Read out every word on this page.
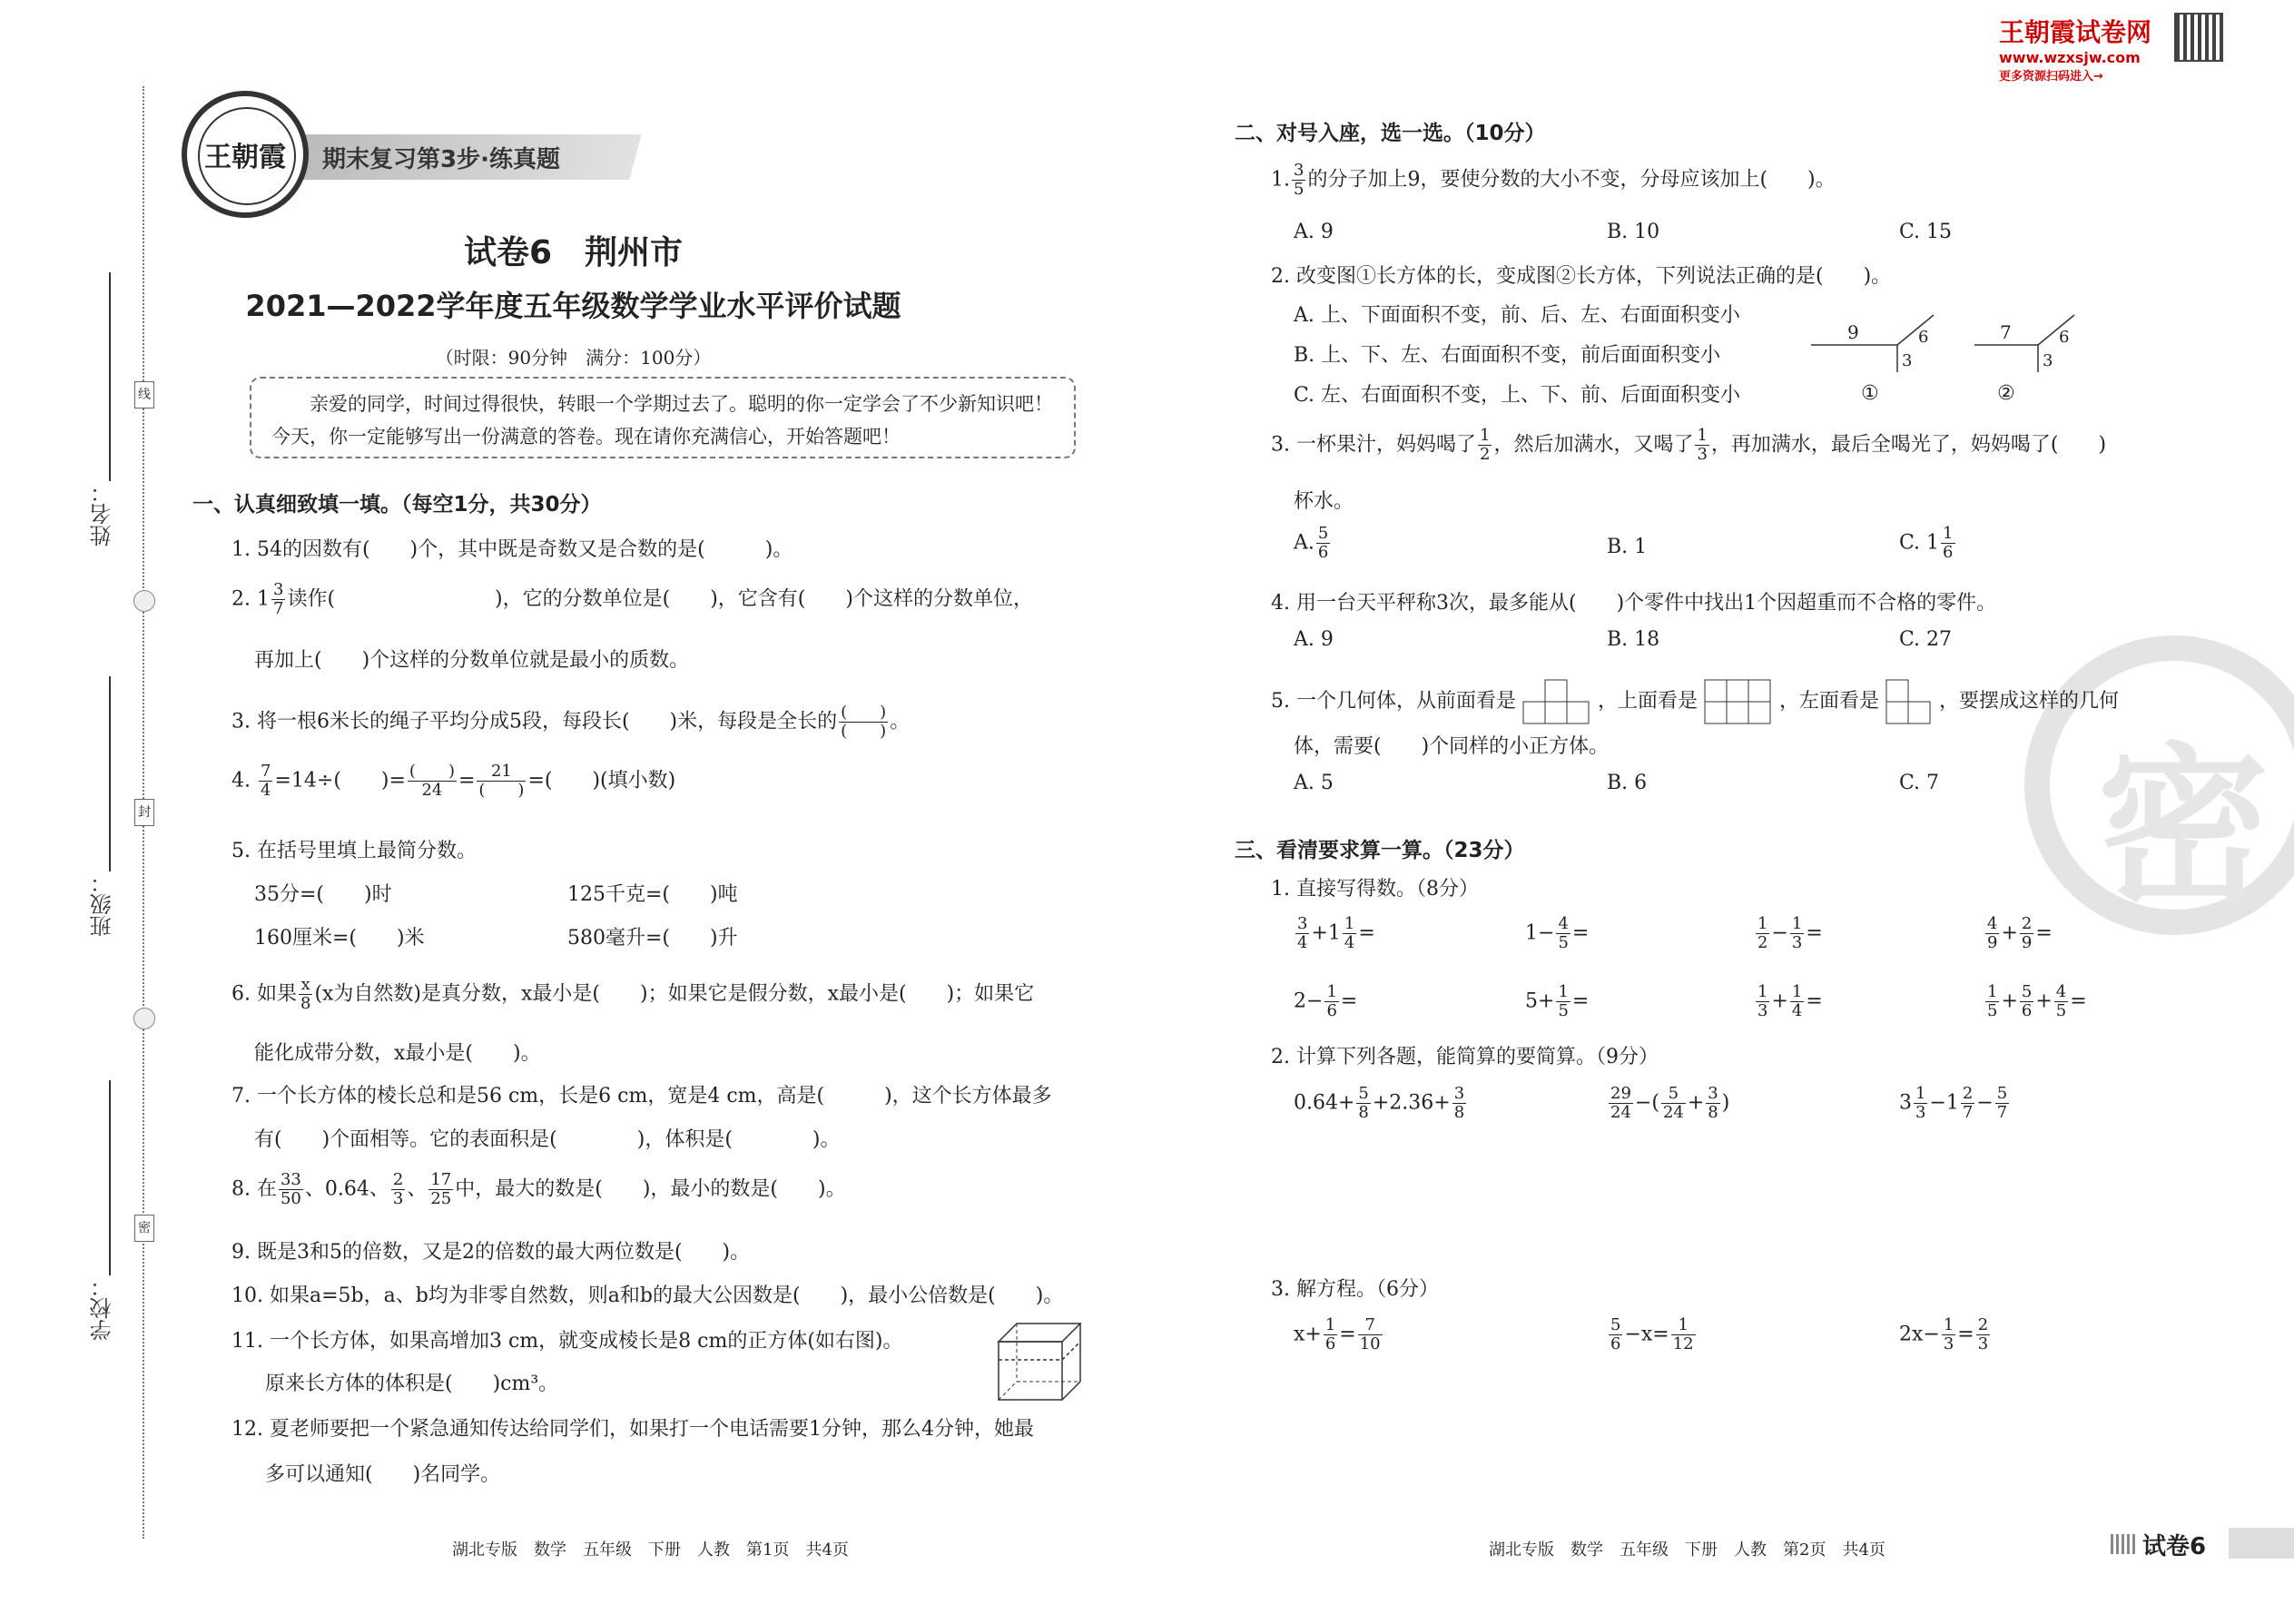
姓名：
班级：
学校：
线
封
密
期末复习第3步·练真题
王朝霞
试卷6　荆州市
2021—2022学年度五年级数学学业水平评价试题
（时限：90分钟　满分：100分）
亲爱的同学，时间过得很快，转眼一个学期过去了。聪明的你一定学会了不少新知识吧！今天，你一定能够写出一份满意的答卷。现在请你充满信心，开始答题吧！
一、认真细致填一填。（每空1分，共30分）
1. 54的因数有(　　)个，其中既是奇数又是合数的是(　　　)。
2. $1 \frac{3}{7}$ 读作(　　　　　　　　)，它的分数单位是(　　)，它含有(　　)个这样的分数单位，
再加上(　　)个这样的分数单位就是最小的质数。
3. 将一根6米长的绳子平均分成5段，每段长(　　)米，每段是全长的 $\frac{( )}{( )}$ 。
4. $\frac{7}{4} =14\div$(　　)= $\frac{( )}{24} = \frac{21}{( )}$ =(　　)(填小数)
5. 在括号里填上最简分数。
35分=(　　)时	125千克=(　　)吨
160厘米=(　　)米	580毫升=(　　)升
6. 如果 $\frac{x}{8} (x$为自然数)是真分数，x最小是(　　)；如果它是假分数，x最小是(　　)；如果它
能化成带分数，x最小是(　　)。
7. 一个长方体的棱长总和是56 cm，长是6 cm，宽是4 cm，高是(　　　)，这个长方体最多
有(　　)个面相等。它的表面积是(　　　　)，体积是(　　　　)。
8. 在 $\frac{33}{50}$ 、0.64、 $\frac{2}{3}$ 、 $\frac{17}{25}$ 中，最大的数是(　　)，最小的数是(　　)。
9. 既是3和5的倍数，又是2的倍数的最大两位数是(　　)。
10. 如果a=5b，a、b均为非零自然数，则a和b的最大公因数是(　　)，最小公倍数是(　　)。
11. 一个长方体，如果高增加3 cm，就变成棱长是8 cm的正方体(如右图)。
原来长方体的体积是(　　)cm³。
12. 夏老师要把一个紧急通知传达给同学们，如果打一个电话需要1分钟，那么4分钟，她最
多可以通知(　　)名同学。
湖北专版　数学　五年级　下册　人教　第1页　共4页
王朝霞试卷网
www.wzxsjw.com
更多资源扫码进入→
密
二、对号入座，选一选。（10分）
1. $\frac{3}{5}$ 的分子加上9，要使分数的大小不变，分母应该加上(　　)。
A. 9	B. 10	C. 15
2. 改变图①长方体的长，变成图②长方体，下列说法正确的是(　　)。
A. 上、下面面积不变，前、后、左、右面面积变小
B. 上、下、左、右面面积不变，前后面面积变小
C. 左、右面面积不变，上、下、前、后面面积变小
9	6
3
①
7	6
3
②
3. 一杯果汁，妈妈喝了 $\frac{1}{2}$ ，然后加满水，又喝了 $\frac{1}{3}$ ，再加满水，最后全喝光了，妈妈喝了(　　)
杯水。
A. $\frac{5}{6}$	B. 1	C. $1 \frac{1}{6}$
4. 用一台天平秤称3次，最多能从(　　)个零件中找出1个因超重而不合格的零件。
A. 9	B. 18	C. 27
5. 一个几何体，从前面看是	，上面看是	，左面看是	，要摆成这样的几何
体，需要(　　)个同样的小正方体。
A. 5	B. 6	C. 7
三、看清要求算一算。（23分）
1. 直接写得数。（8分）
$\frac{3}{4} +1 \frac{1}{4}$ =	$1- \frac{4}{5}$ =	$\frac{1}{2} - \frac{1}{3}$ =	$\frac{4}{9} + \frac{2}{9}$ =
$2- \frac{1}{6}$ =	$5+ \frac{1}{5}$ =	$\frac{1}{3} + \frac{1}{4}$ =	$\frac{1}{5} + \frac{5}{6} + \frac{4}{5}$ =
2. 计算下列各题，能简算的要简算。（9分）
$0.64+ \frac{5}{8} +2.36+ \frac{3}{8}$	$\frac{29}{24}$ −( $\frac{5}{24} + \frac{3}{8}$ )	$3 \frac{1}{3} -1 \frac{2}{7} - \frac{5}{7}$
3. 解方程。（6分）
$x+ \frac{1}{6} = \frac{7}{10}$	$\frac{5}{6} -x= \frac{1}{12}$	$2x- \frac{1}{3} = \frac{2}{3}$
湖北专版　数学　五年级　下册　人教　第2页　共4页	试卷6
